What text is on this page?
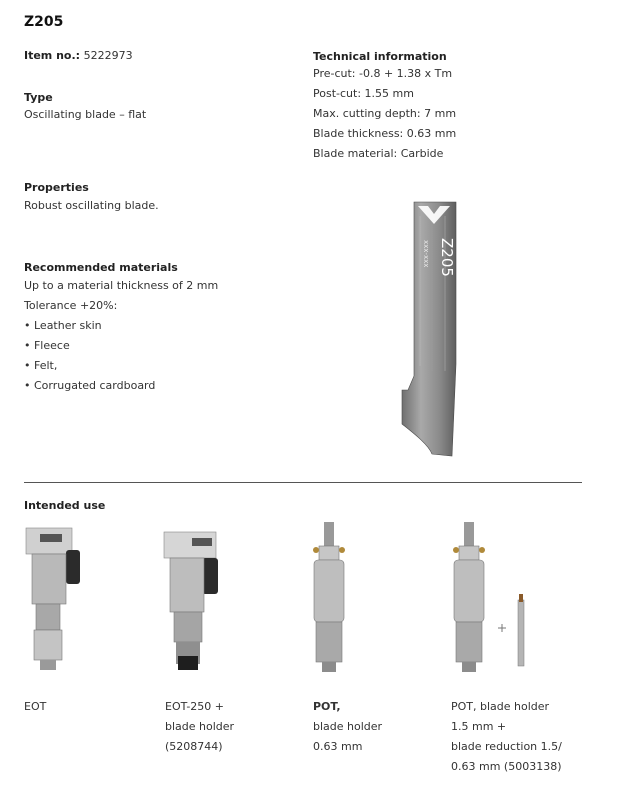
Z205
Item no.: 5222973
Type
Oscillating blade – flat
Technical information
Pre-cut: -0.8 + 1.38 x Tm
Post-cut: 1.55 mm
Max. cutting depth: 7 mm
Blade thickness: 0.63 mm
Blade material: Carbide
Properties
Robust oscillating blade.
Recommended materials
Up to a material thickness of 2 mm
Tolerance +20%:
• Leather skin
• Fleece
• Felt,
• Corrugated cardboard
Z205
xxx-xxx
Intended use
EOT	EOT-250 +
blade holder
(5208744)
POT,
blade holder
0.63 mm
POT, blade holder
1.5 mm +
blade reduction 1.5/
0.63 mm (5003138)
